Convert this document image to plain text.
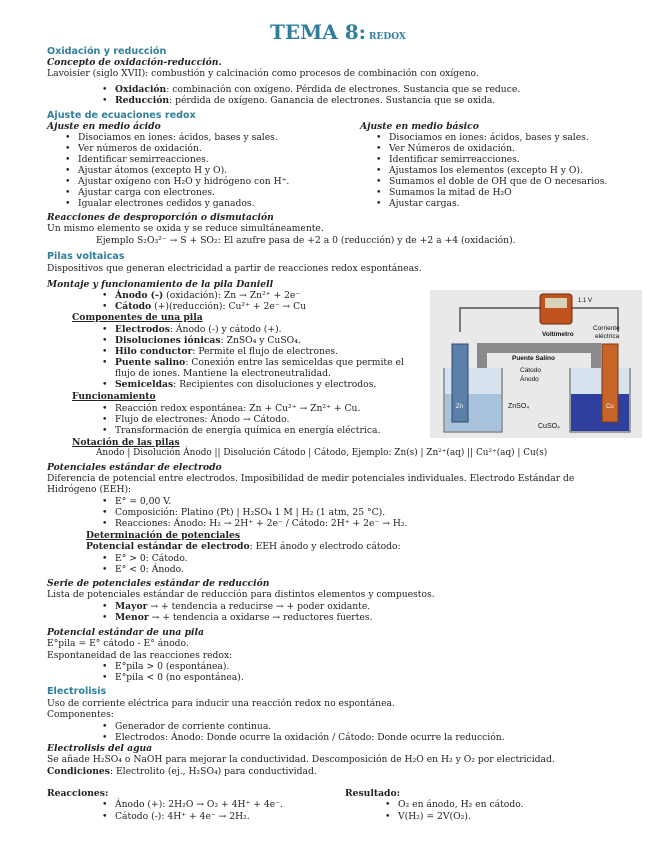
TEMA 8: REDOX
Oxidación y reducción
Concepto de oxidación-reducción.
Lavoisier (siglo XVII): combustión y calcinación como procesos de combinación con oxígeno.
• Oxidación: combinación con oxígeno. Pérdida de electrones. Sustancia que se reduce.
• Reducción: pérdida de oxígeno. Ganancia de electrones. Sustancia que se oxida.
Ajuste de ecuaciones redox
Ajuste en medio ácido	Ajuste en medio básico
• Disociamos en iones: ácidos, bases y sales.
• Ver números de oxidación.
• Identificar semirreacciones.
• Ajustar átomos (excepto H y O).
• Ajustar oxígeno con H₂O y hidrógeno con H⁺.
• Ajustar carga con electrones.
• Igualar electrones cedidos y ganados.
• Disociamos en iones: ácidos, bases y sales.
• Ver Números de oxidación.
• Identificar semirreacciones.
• Ajustamos los elementos (excepto H y O).
• Sumamos el doble de OH que de O necesarios.
• Sumamos la mitad de H₂O
• Ajustar cargas.
Reacciones de desproporción o dismutación
Un mismo elemento se oxida y se reduce simultáneamente.
Ejemplo S₂O₃²⁻ → S + SO₂: El azufre pasa de +2 a 0 (reducción) y de +2 a +4 (oxidación).
Pilas voltaicas
Dispositivos que generan electricidad a partir de reacciones redox espontáneas.
Montaje y funcionamiento de la pila Daniell
• Ánodo (-) (oxidación): Zn → Zn²⁺ + 2e⁻
• Cátodo (+)(reducción): Cu²⁺ + 2e⁻ → Cu
Componentes de una pila
• Electrodos: Ánodo (-) y cátodo (+).
• Disoluciones iónicas: ZnSO₄ y CuSO₄.
• Hilo conductor: Permite el flujo de electrones.
• Puente salino: Conexión entre las semiceldas que permite el
flujo de iones. Mantiene la electroneutralidad.
• Semiceldas: Recipientes con disoluciones y electrodos.
Funcionamiento
• Reacción redox espontánea: Zn + Cu²⁺ → Zn²⁺ + Cu.
• Flujo de electrones: Ánodo → Cátodo.
• Transformación de energía química en energía eléctrica.
Notación de las pilas
Ánodo | Disolución Ánodo || Disolución Cátodo | Cátodo, Ejemplo: Zn(s) | Zn²⁺(aq) || Cu²⁺(aq) | Cu(s)
1.1 V
Voltímetro
Corriente
eléctrica
Puente Salino
Cátodo
Ánodo
Zn	ZnSO₄	Cu
CuSO₄
Potenciales estándar de electrodo
Diferencia de potencial entre electrodos. Imposibilidad de medir potenciales individuales. Electrodo Estándar de
Hidrógeno (EEH):
• E° = 0,00 V.
• Composición: Platino (Pt) | H₂SO₄ 1 M | H₂ (1 atm, 25 °C).
• Reacciones: Ánodo: H₂ → 2H⁺ + 2e⁻ / Cátodo: 2H⁺ + 2e⁻ → H₂.
Determinación de potenciales
Potencial estándar de electrodo: EEH ánodo y electrodo cátodo:
• E° > 0: Cátodo.
• E° < 0: Ánodo.
Serie de potenciales estándar de reducción
Lista de potenciales estándar de reducción para distintos elementos y compuestos.
• Mayor → + tendencia a reducirse → + poder oxidante.
• Menor → + tendencia a oxidarse → reductores fuertes.
Potencial estándar de una pila
E°pila = E° cátodo - E° ánodo.
Espontaneidad de las reacciones redox:
• E°pila > 0 (espontánea).
• E°pila < 0 (no espontánea).
Electrolisis
Uso de corriente eléctrica para inducir una reacción redox no espontánea.
Componentes:
• Generador de corriente continua.
• Electrodos: Ánodo: Donde ocurre la oxidación / Cátodo: Donde ocurre la reducción.
Electrolisis del agua
Se añade H₂SO₄ o NaOH para mejorar la conductividad. Descomposición de H₂O en H₂ y O₂ por electricidad.
Condiciones: Electrolito (ej., H₂SO₄) para conductividad.
Reacciones:
• Ánodo (+): 2H₂O → O₂ + 4H⁺ + 4e⁻.
• Cátodo (-): 4H⁺ + 4e⁻ → 2H₂.
Resultado:
• O₂ en ánodo, H₂ en cátodo.
• V(H₂) = 2V(O₂).
